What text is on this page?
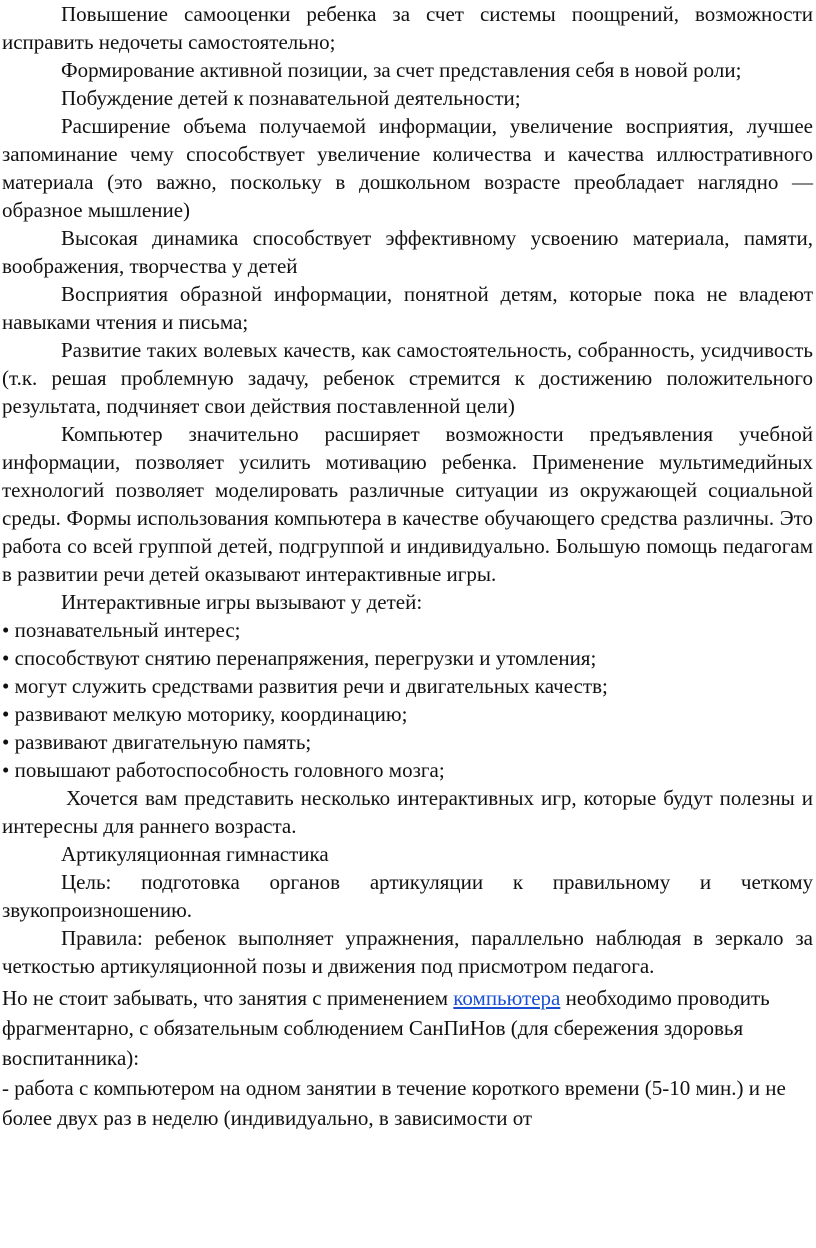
Повышение самооценки ребенка за счет системы поощрений, возможности исправить недочеты самостоятельно;

Формирование активной позиции, за счет представления себя в новой роли;

Побуждение детей к познавательной деятельности;

Расширение объема получаемой информации, увеличение восприятия, лучшее запоминание чему способствует увеличение количества и качества иллюстративного материала (это важно, поскольку в дошкольном возрасте преобладает наглядно — образное мышление)

Высокая динамика способствует эффективному усвоению материала, памяти, воображения, творчества у детей

Восприятия образной информации, понятной детям, которые пока не владеют навыками чтения и письма;

Развитие таких волевых качеств, как самостоятельность, собранность, усидчивость (т.к. решая проблемную задачу, ребенок стремится к достижению положительного результата, подчиняет свои действия поставленной цели)

Компьютер значительно расширяет возможности предъявления учебной информации, позволяет усилить мотивацию ребенка. Применение мультимедийных технологий позволяет моделировать различные ситуации из окружающей социальной среды. Формы использования компьютера в качестве обучающего средства различны. Это работа со всей группой детей, подгруппой и индивидуально. Большую помощь педагогам в развитии речи детей оказывают интерактивные игры.

Интерактивные игры вызывают у детей:

• познавательный интерес;

• способствуют снятию перенапряжения, перегрузки и утомления;

• могут служить средствами развития речи и двигательных качеств;

• развивают мелкую моторику, координацию;

• развивают двигательную память;

• повышают работоспособность головного мозга;

Хочется вам представить несколько интерактивных игр, которые будут полезны и интересны для раннего возраста.

Артикуляционная гимнастика

Цель: подготовка органов артикуляции к правильному и четкому звукопроизношению.

Правила: ребенок выполняет упражнения, параллельно наблюдая в зеркало за четкостью артикуляционной позы и движения под присмотром педагога.

Но не стоит забывать, что занятия с применением компьютера необходимо проводить фрагментарно, с обязательным соблюдением СанПиНов (для сбережения здоровья воспитанника):

- работа с компьютером на одном занятии в течение короткого времени (5-10 мин.) и не более двух раз в неделю (индивидуально, в зависимости от
